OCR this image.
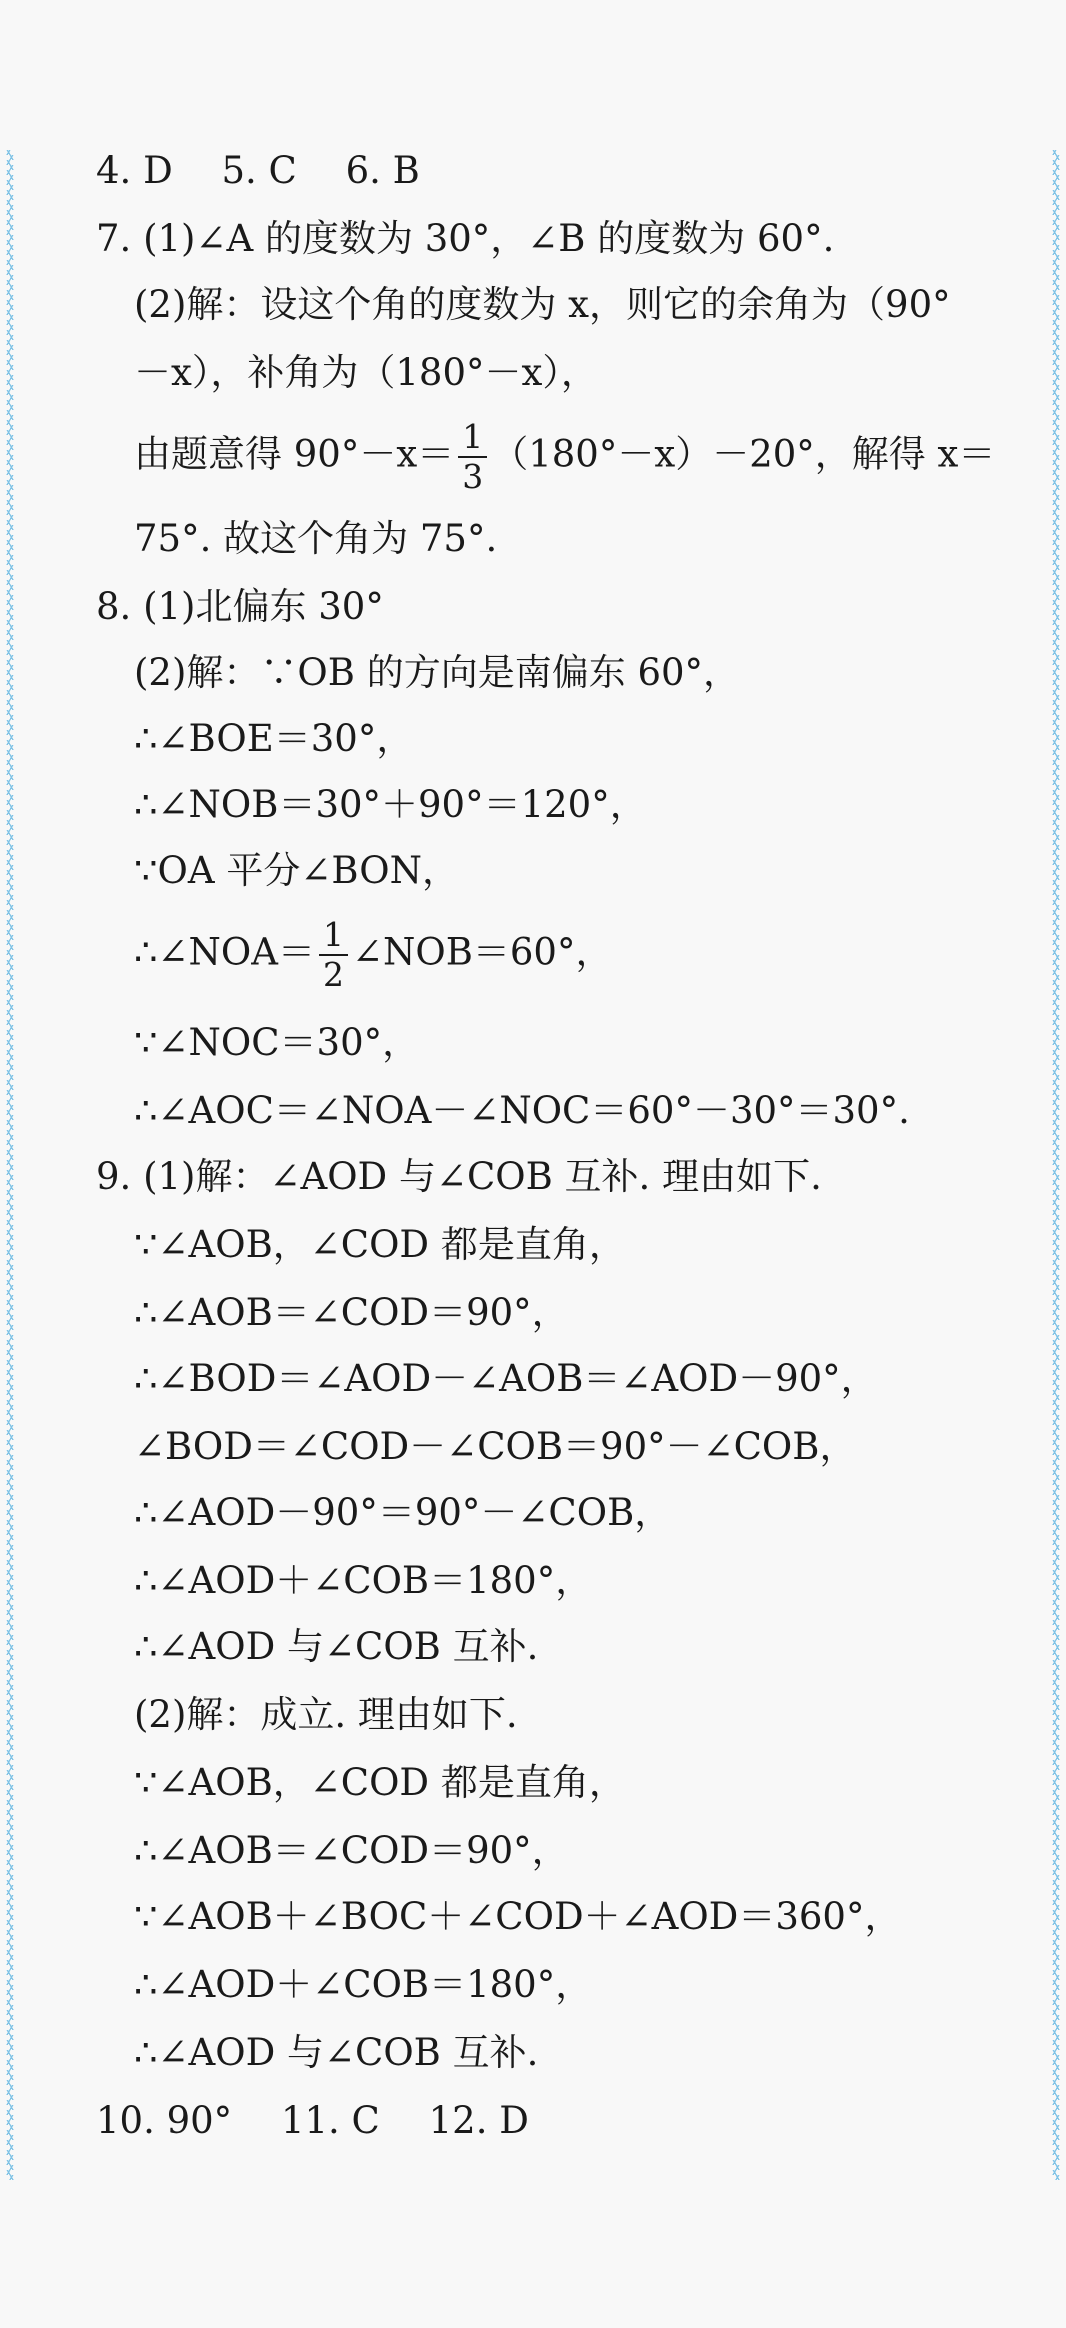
4. D　 5. C　 6. B
7. (1)∠A 的度数为 30°，∠B 的度数为 60°.
(2)解：设这个角的度数为 x，则它的余角为（90°
－x），补角为（180°－x），
由题意得 $90^\circ-x= \frac{1}{3} (180^\circ-x)-20^\circ$，解得 x＝
75°. 故这个角为 75°.
8. (1)北偏东 30°
(2)解：∵OB 的方向是南偏东 60°，
∴∠BOE＝30°，
∴∠NOB＝30°＋90°＝120°，
∵OA 平分∠BON，
∴∠NOA＝ $\frac{1}{2}$ ∠NOB＝60°，
∵∠NOC＝30°，
∴∠AOC＝∠NOA－∠NOC＝60°－30°＝30°.
9. (1)解：∠AOD 与∠COB 互补. 理由如下.
∵∠AOB，∠COD 都是直角，
∴∠AOB＝∠COD＝90°，
∴∠BOD＝∠AOD－∠AOB＝∠AOD－90°，
∠BOD＝∠COD－∠COB＝90°－∠COB，
∴∠AOD－90°＝90°－∠COB，
∴∠AOD＋∠COB＝180°，
∴∠AOD 与∠COB 互补.
(2)解：成立. 理由如下.
∵∠AOB，∠COD 都是直角，
∴∠AOB＝∠COD＝90°，
∵∠AOB＋∠BOC＋∠COD＋∠AOD＝360°，
∴∠AOD＋∠COB＝180°，
∴∠AOD 与∠COB 互补.
10. 90°　 11. C　 12. D
